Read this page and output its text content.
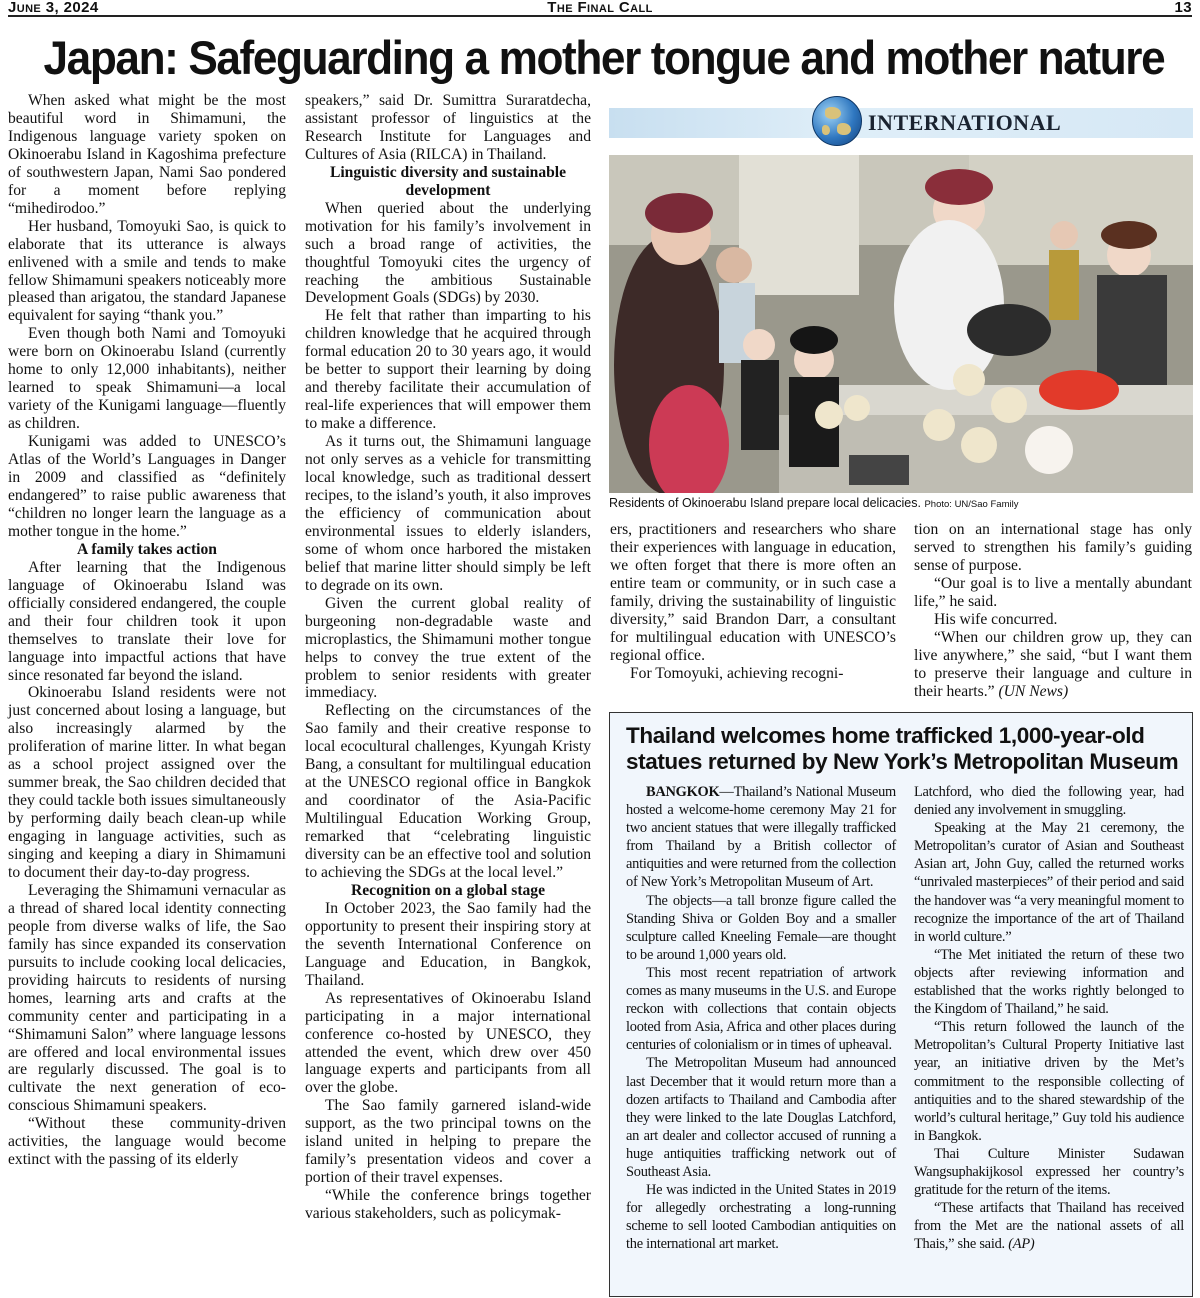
June 3, 2024	The Final Call	13
Japan: Safeguarding a mother tongue and mother nature

When asked what might be the most beautiful word in Shimamuni, the Indigenous language variety spoken on Okinoerabu Island in Kagoshima prefecture of southwestern Japan, Nami Sao pondered for a moment before replying “mihedirodoo.”

Her husband, Tomoyuki Sao, is quick to elaborate that its utterance is always enlivened with a smile and tends to make fellow Shimamuni speakers noticeably more pleased than arigatou, the standard Japanese equivalent for saying “thank you.”

Even though both Nami and Tomoyuki were born on Okinoerabu Island (currently home to only 12,000 inhabitants), neither learned to speak Shimamuni—a local variety of the Kunigami language—fluently as children.

Kunigami was added to UNESCO’s Atlas of the World’s Languages in Danger in 2009 and classified as “definitely endangered” to raise public awareness that “children no longer learn the language as a mother tongue in the home.”

A family takes action

After learning that the Indigenous language of Okinoerabu Island was officially considered endangered, the couple and their four children took it upon themselves to translate their love for language into impactful actions that have since resonated far beyond the island.

Okinoerabu Island residents were not just concerned about losing a language, but also increasingly alarmed by the proliferation of marine litter. In what began as a school project assigned over the summer break, the Sao children decided that they could tackle both issues simultaneously by performing daily beach clean-up while engaging in language activities, such as singing and keeping a diary in Shimamuni to document their day-to-day progress.

Leveraging the Shimamuni vernacular as a thread of shared local identity connecting people from diverse walks of life, the Sao family has since expanded its conservation pursuits to include cooking local delicacies, providing haircuts to residents of nursing homes, learning arts and crafts at the community center and participating in a “Shimamuni Salon” where language lessons are offered and local environmental issues are regularly discussed. The goal is to cultivate the next generation of eco-conscious Shimamuni speakers.

“Without these community-driven activities, the language would become extinct with the passing of its elderly

speakers,” said Dr. Sumittra Suraratdecha, assistant professor of linguistics at the Research Institute for Languages and Cultures of Asia (RILCA) in Thailand.

Linguistic diversity and sustainable development

When queried about the underlying motivation for his family’s involvement in such a broad range of activities, the thoughtful Tomoyuki cites the urgency of reaching the ambitious Sustainable Development Goals (SDGs) by 2030.

He felt that rather than imparting to his children knowledge that he acquired through formal education 20 to 30 years ago, it would be better to support their learning by doing and thereby facilitate their accumulation of real-life experiences that will empower them to make a difference.

As it turns out, the Shimamuni language not only serves as a vehicle for transmitting local knowledge, such as traditional dessert recipes, to the island’s youth, it also improves the efficiency of communication about environmental issues to elderly islanders, some of whom once harbored the mistaken belief that marine litter should simply be left to degrade on its own.

Given the current global reality of burgeoning non-degradable waste and microplastics, the Shimamuni mother tongue helps to convey the true extent of the problem to senior residents with greater immediacy.

Reflecting on the circumstances of the Sao family and their creative response to local ecocultural challenges, Kyungah Kristy Bang, a consultant for multilingual education at the UNESCO regional office in Bangkok and coordinator of the Asia-Pacific Multilingual Education Working Group, remarked that “celebrating linguistic diversity can be an effective tool and solution to achieving the SDGs at the local level.”

Recognition on a global stage

In October 2023, the Sao family had the opportunity to present their inspiring story at the seventh International Conference on Language and Education, in Bangkok, Thailand.

As representatives of Okinoerabu Island participating in a major international conference co-hosted by UNESCO, they attended the event, which drew over 450 language experts and participants from all over the globe.

The Sao family garnered island-wide support, as the two principal towns on the island united in helping to prepare the family’s presentation videos and cover a portion of their travel expenses.

“While the conference brings together various stakeholders, such as policymak-

INTERNATIONAL
Residents of Okinoerabu Island prepare local delicacies. Photo: UN/Sao Family

ers, practitioners and researchers who share their experiences with language in education, we often forget that there is more often an entire team or community, or in such case a family, driving the sustainability of linguistic diversity,” said Brandon Darr, a consultant for multilingual education with UNESCO’s regional office.

For Tomoyuki, achieving recogni-

tion on an international stage has only served to strengthen his family’s guiding sense of purpose.

“Our goal is to live a mentally abundant life,” he said.

His wife concurred.

“When our children grow up, they can live anywhere,” she said, “but I want them to preserve their language and culture in their hearts.” (UN News)

Thailand welcomes home trafficked 1,000-year-old statues returned by New York’s Metropolitan Museum

BANGKOK—Thailand’s National Museum hosted a welcome-home ceremony May 21 for two ancient statues that were illegally trafficked from Thailand by a British collector of antiquities and were returned from the collection of New York’s Metropolitan Museum of Art.

The objects—a tall bronze figure called the Standing Shiva or Golden Boy and a smaller sculpture called Kneeling Female—are thought to be around 1,000 years old.

This most recent repatriation of artwork comes as many museums in the U.S. and Europe reckon with collections that contain objects looted from Asia, Africa and other places during centuries of colonialism or in times of upheaval.

The Metropolitan Museum had announced last December that it would return more than a dozen artifacts to Thailand and Cambodia after they were linked to the late Douglas Latchford, an art dealer and collector accused of running a huge antiquities trafficking network out of Southeast Asia.

He was indicted in the United States in 2019 for allegedly orchestrating a long-running scheme to sell looted Cambodian antiquities on the international art market.

Latchford, who died the following year, had denied any involvement in smuggling.

Speaking at the May 21 ceremony, the Metropolitan’s curator of Asian and Southeast Asian art, John Guy, called the returned works “unrivaled masterpieces” of their period and said the handover was “a very meaningful moment to recognize the importance of the art of Thailand in world culture.”

“The Met initiated the return of these two objects after reviewing information and established that the works rightly belonged to the Kingdom of Thailand,” he said.

“This return followed the launch of the Metropolitan’s Cultural Property Initiative last year, an initiative driven by the Met’s commitment to the responsible collecting of antiquities and to the shared stewardship of the world’s cultural heritage,” Guy told his audience in Bangkok.

Thai Culture Minister Sudawan Wangsuphakijkosol expressed her country’s gratitude for the return of the items.

“These artifacts that Thailand has received from the Met are the national assets of all Thais,” she said. (AP)
